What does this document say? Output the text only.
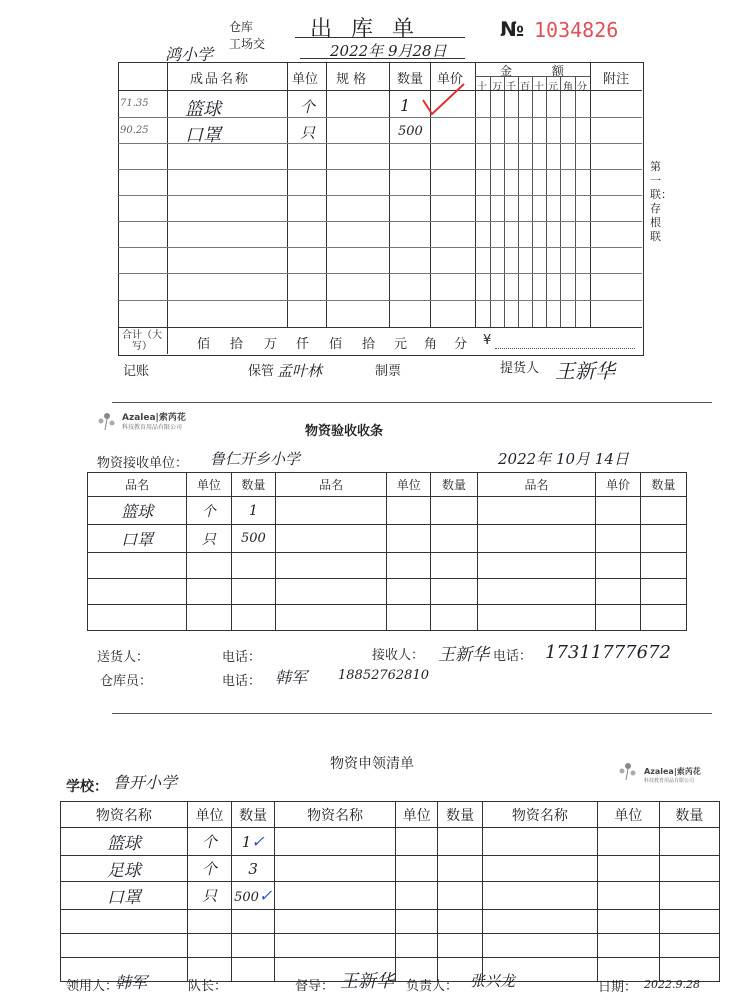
仓库
工场交
出 库 单	№ 1034826
鸿小学	2022年 9月28日
成品名称	单位 规 格 数量 单价
金 额
附注
十 万 千 百 十 元 角 分
71.35 篮球	个	1
90.25 口罩	只	500
合计（大写）	佰 拾 万 仟 佰 拾 元 角 分 ¥
第一联：存根联
记账	保管 孟叶林	制票	提货人 王新华
Azalea|索芮花
科技教育用品有限公司	物资验收收条
物资接收单位： 鲁仁开乡小学	2022年 10月 14日
品名	单位	数量	品名	单位	数量	品名	单价	数量
篮球	个	1						
口罩	只	500						

送货人：	电话：	接收人： 王新华 电话： 17311777672
仓库员：	电话： 韩军 18852762810
物资申领清单	Azalea|索芮花
科技教育用品有限公司
学校： 鲁开小学
物资名称	单位	数量	物资名称	单位	数量	物资名称	单位	数量
篮球	个	1✓						
足球	个	3						
口罩	只	500✓						

领用人：
韩军	队长：	督导： 王新华 负责人： 张兴龙	日期： 2022.9.28
